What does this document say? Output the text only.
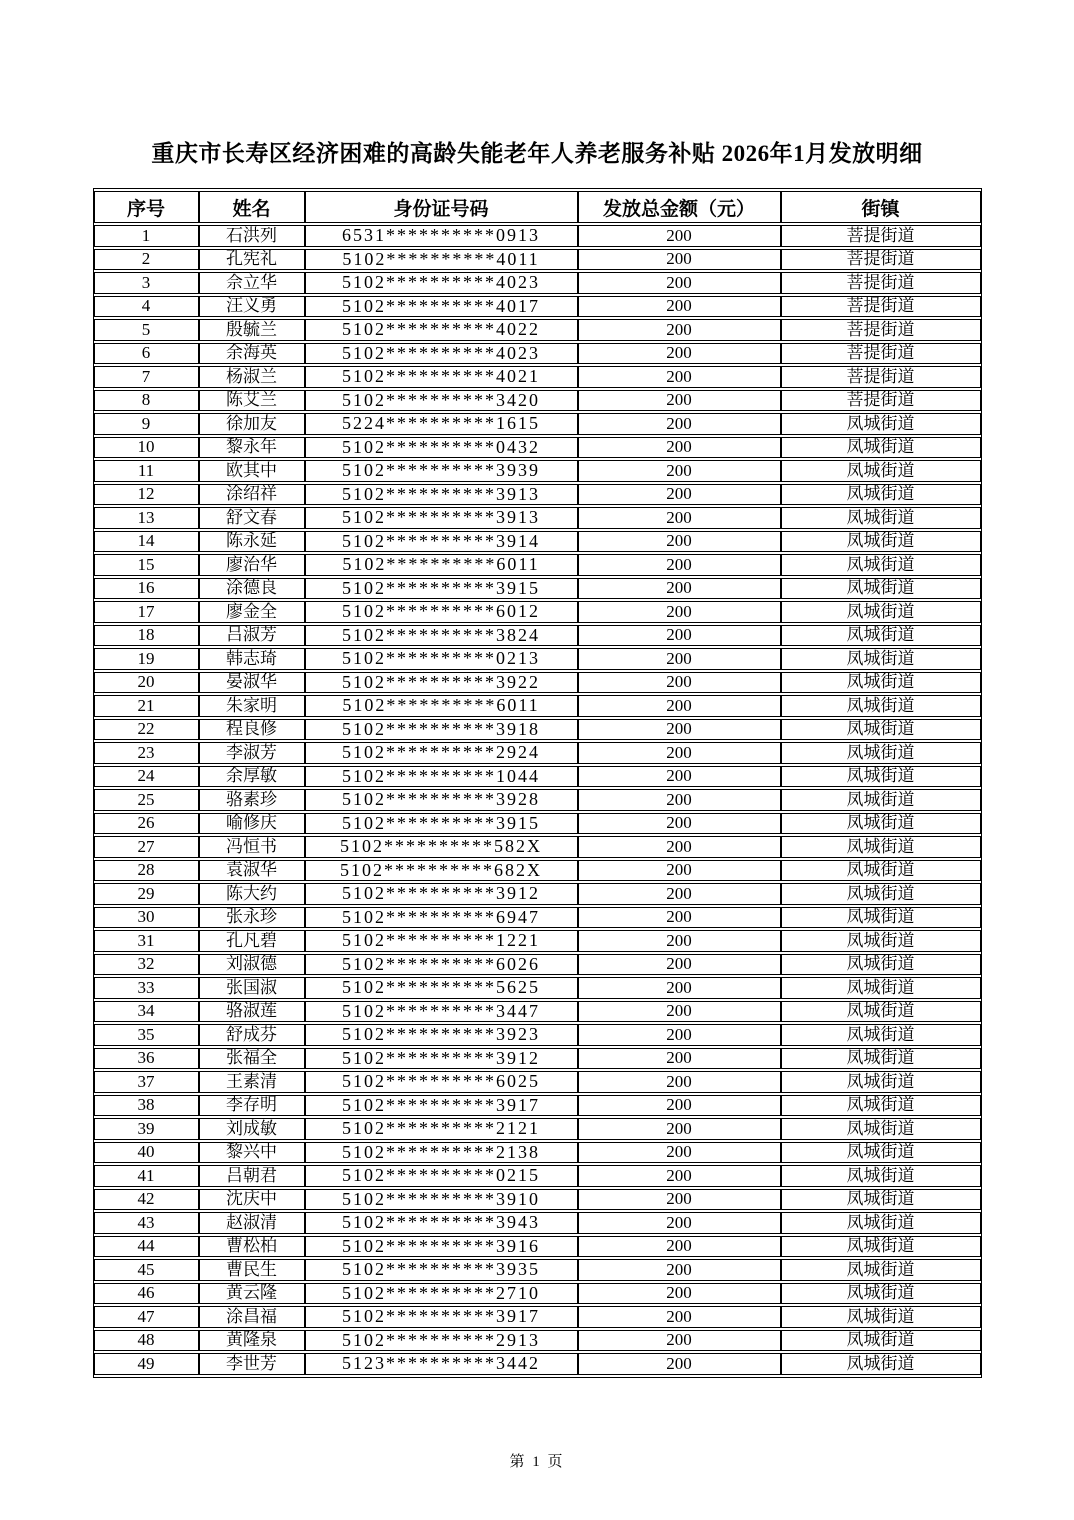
重庆市长寿区经济困难的高龄失能老年人养老服务补贴 2026年1月发放明细
序号	姓名	身份证号码	发放总金额（元）	街镇
1	石洪列	6531**********0913	200	菩提街道
2	孔宪礼	5102**********4011	200	菩提街道
3	佘立华	5102**********4023	200	菩提街道
4	汪义勇	5102**********4017	200	菩提街道
5	殷毓兰	5102**********4022	200	菩提街道
6	余海英	5102**********4023	200	菩提街道
7	杨淑兰	5102**********4021	200	菩提街道
8	陈艾兰	5102**********3420	200	菩提街道
9	徐加友	5224**********1615	200	凤城街道
10	黎永年	5102**********0432	200	凤城街道
11	欧其中	5102**********3939	200	凤城街道
12	涂绍祥	5102**********3913	200	凤城街道
13	舒文春	5102**********3913	200	凤城街道
14	陈永延	5102**********3914	200	凤城街道
15	廖治华	5102**********6011	200	凤城街道
16	涂德良	5102**********3915	200	凤城街道
17	廖金全	5102**********6012	200	凤城街道
18	吕淑芳	5102**********3824	200	凤城街道
19	韩志琦	5102**********0213	200	凤城街道
20	晏淑华	5102**********3922	200	凤城街道
21	朱家明	5102**********6011	200	凤城街道
22	程良修	5102**********3918	200	凤城街道
23	李淑芳	5102**********2924	200	凤城街道
24	余厚敏	5102**********1044	200	凤城街道
25	骆素珍	5102**********3928	200	凤城街道
26	喻修庆	5102**********3915	200	凤城街道
27	冯恒书	5102**********582X	200	凤城街道
28	袁淑华	5102**********682X	200	凤城街道
29	陈大约	5102**********3912	200	凤城街道
30	张永珍	5102**********6947	200	凤城街道
31	孔凡碧	5102**********1221	200	凤城街道
32	刘淑德	5102**********6026	200	凤城街道
33	张国淑	5102**********5625	200	凤城街道
34	骆淑莲	5102**********3447	200	凤城街道
35	舒成芬	5102**********3923	200	凤城街道
36	张福全	5102**********3912	200	凤城街道
37	王素清	5102**********6025	200	凤城街道
38	李存明	5102**********3917	200	凤城街道
39	刘成敏	5102**********2121	200	凤城街道
40	黎兴中	5102**********2138	200	凤城街道
41	吕朝君	5102**********0215	200	凤城街道
42	沈庆中	5102**********3910	200	凤城街道
43	赵淑清	5102**********3943	200	凤城街道
44	曹松柏	5102**********3916	200	凤城街道
45	曹民生	5102**********3935	200	凤城街道
46	黄云隆	5102**********2710	200	凤城街道
47	涂昌福	5102**********3917	200	凤城街道
48	黄隆泉	5102**********2913	200	凤城街道
49	李世芳	5123**********3442	200	凤城街道
第 1 页
